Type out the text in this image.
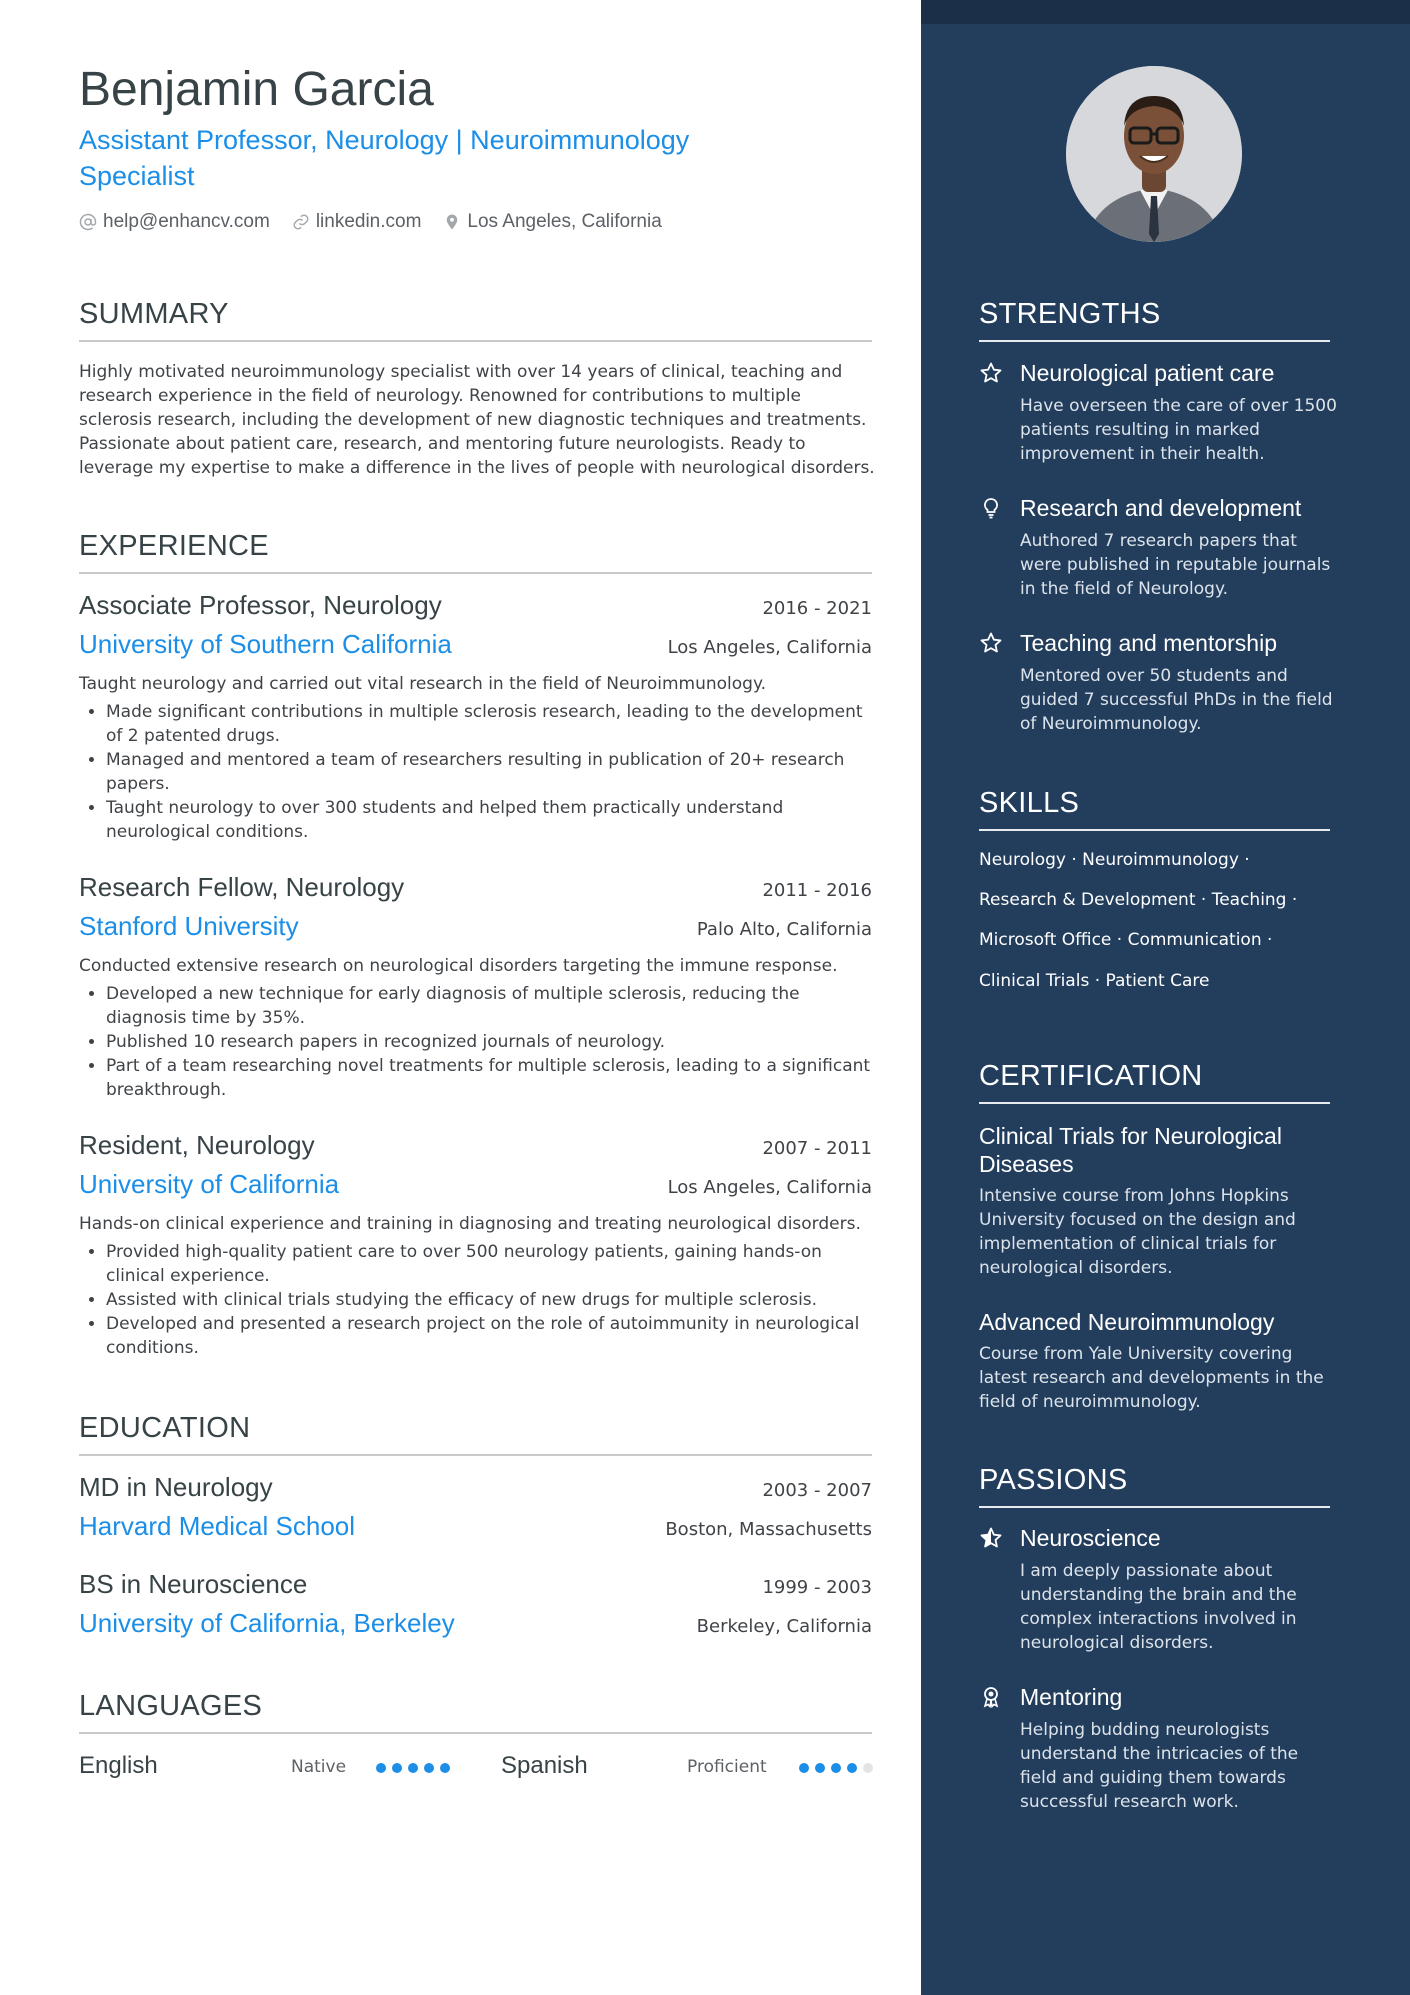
Benjamin Garcia
Assistant Professor, Neurology | Neuroimmunology Specialist
help@enhancv.com linkedin.com Los Angeles, California
SUMMARY
Highly motivated neuroimmunology specialist with over 14 years of clinical, teaching and research experience in the field of neurology. Renowned for contributions to multiple sclerosis research, including the development of new diagnostic techniques and treatments. Passionate about patient care, research, and mentoring future neurologists. Ready to leverage my expertise to make a difference in the lives of people with neurological disorders.
EXPERIENCE
Associate Professor, Neurology	2016 - 2021
University of Southern California	Los Angeles, California
Taught neurology and carried out vital research in the field of Neuroimmunology.
• Made significant contributions in multiple sclerosis research, leading to the development of 2 patented drugs.
• Managed and mentored a team of researchers resulting in publication of 20+ research papers.
• Taught neurology to over 300 students and helped them practically understand neurological conditions.
Research Fellow, Neurology	2011 - 2016
Stanford University	Palo Alto, California
Conducted extensive research on neurological disorders targeting the immune response.
• Developed a new technique for early diagnosis of multiple sclerosis, reducing the diagnosis time by 35%.
• Published 10 research papers in recognized journals of neurology.
• Part of a team researching novel treatments for multiple sclerosis, leading to a significant breakthrough.
Resident, Neurology	2007 - 2011
University of California	Los Angeles, California
Hands-on clinical experience and training in diagnosing and treating neurological disorders.
• Provided high-quality patient care to over 500 neurology patients, gaining hands-on clinical experience.
• Assisted with clinical trials studying the efficacy of new drugs for multiple sclerosis.
• Developed and presented a research project on the role of autoimmunity in neurological conditions.
EDUCATION
MD in Neurology	2003 - 2007
Harvard Medical School	Boston, Massachusetts
BS in Neuroscience	1999 - 2003
University of California, Berkeley	Berkeley, California
LANGUAGES
English	Native	Spanish	Proficient
STRENGTHS
Neurological patient care
Have overseen the care of over 1500 patients resulting in marked improvement in their health.
Research and development
Authored 7 research papers that were published in reputable journals in the field of Neurology.
Teaching and mentorship
Mentored over 50 students and guided 7 successful PhDs in the field of Neuroimmunology.
SKILLS
Neurology · Neuroimmunology ·
Research & Development · Teaching ·
Microsoft Office · Communication ·
Clinical Trials · Patient Care
CERTIFICATION
Clinical Trials for Neurological Diseases
Intensive course from Johns Hopkins University focused on the design and implementation of clinical trials for neurological disorders.
Advanced Neuroimmunology
Course from Yale University covering latest research and developments in the field of neuroimmunology.
PASSIONS
Neuroscience
I am deeply passionate about understanding the brain and the complex interactions involved in neurological disorders.
Mentoring
Helping budding neurologists understand the intricacies of the field and guiding them towards successful research work.
